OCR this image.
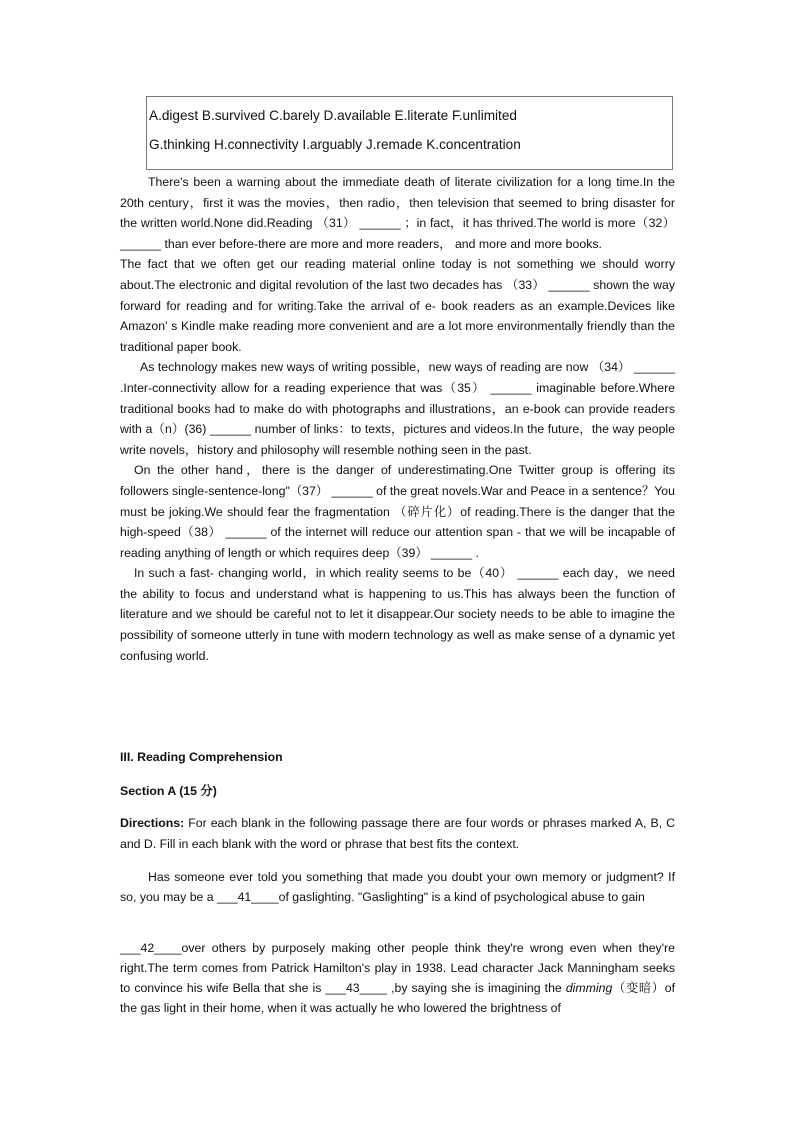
A.digest B.survived C.barely D.available E.literate F.unlimited
G.thinking H.connectivity I.arguably J.remade K.concentration

There's been a warning about the immediate death of literate civilization for a long time.In the 20th century，first it was the movies，then radio，then television that seemed to bring disaster for the written world.None did.Reading （31） ______ ；in fact，it has thrived.The world is more（32） ______ than ever before-there are more and more readers， and more and more books.

The fact that we often get our reading material online today is not something we should worry about.The electronic and digital revolution of the last two decades has （33） ______ shown the way forward for reading and for writing.Take the arrival of e- book readers as an example.Devices like Amazon' s Kindle make reading more convenient and are a lot more environmentally friendly than the traditional paper book.

As technology makes new ways of writing possible，new ways of reading are now （34） ______ .Inter-connectivity allow for a reading experience that was（35） ______ imaginable before.Where traditional books had to make do with photographs and illustrations，an e-book can provide readers with a（n）(36) ______ number of links：to texts，pictures and videos.In the future，the way people write novels，history and philosophy will resemble nothing seen in the past.

On the other hand，there is the danger of underestimating.One Twitter group is offering its followers single-sentence-long"（37） ______ of the great novels.War and Peace in a sentence？You must be joking.We should fear the fragmentation （碎片化）of reading.There is the danger that the high-speed（38） ______ of the internet will reduce our attention span - that we will be incapable of reading anything of length or which requires deep（39） ______ .

In such a fast- changing world，in which reality seems to be（40） ______ each day，we need the ability to focus and understand what is happening to us.This has always been the function of literature and we should be careful not to let it disappear.Our society needs to be able to imagine the possibility of someone utterly in tune with modern technology as well as make sense of a dynamic yet confusing world.

III. Reading Comprehension
Section A (15 分)
Directions: For each blank in the following passage there are four words or phrases marked A, B, C and D. Fill in each blank with the word or phrase that best fits the context.

Has someone ever told you something that made you doubt your own memory or judgment? If so, you may be a ___41____of gaslighting. "Gaslighting" is a kind of psychological abuse to gain

___42____over others by purposely making other people think they're wrong even when they're right.The term comes from Patrick Hamilton's play in 1938. Lead character Jack Manningham seeks to convince his wife Bella that she is ___43____ ,by saying she is imagining the dimming（变暗）of the gas light in their home, when it was actually he who lowered the brightness of
